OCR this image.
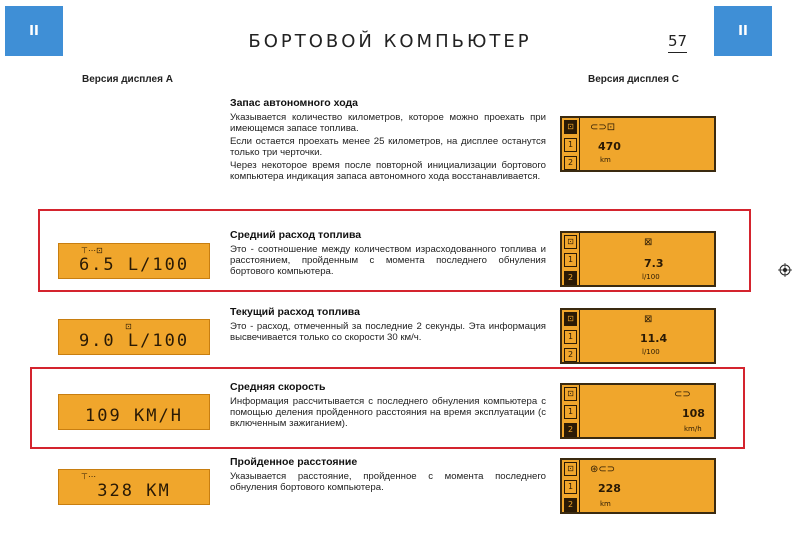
II	БОРТОВОЙ КОМПЬЮТЕР	57
II
Версия дисплея A	Версия дисплея C
Запас автономного хода

Указывается количество километров, которое можно проехать при имеющемся запасе топлива.

Если остается проехать менее 25 километров, на дисплее останутся только три черточки.

Через некоторое время после повторной инициализации бортового компьютера индикация запаса автономного хода восстанавливается.

⊡
1
2
⊂⊃⊡
470
km
Средний расход топлива

Это - соотношение между количеством израсходованного топлива и расстоянием, пройденным с момента последнего обнуления бортового компьютера.

⊤⋯⊡
6.5 L/100
⊡
1
2
⊠
7.3
l/100
Текущий расход топлива

Это - расход, отмеченный за последние 2 секунды. Эта информация высвечивается только со скорости 30 км/ч.

⊡
9.0 L/100
⊡
1
2
⊠
11.4
l/100
Средняя скорость

Информация рассчитывается с последнего обнуления компьютера с помощью деления пройденного расстояния на время эксплуатации (с включенным зажиганием).

109 KM/H
⊡
1
2
⊂⊃
108
km/h
Пройденное расстояние

Указывается расстояние, пройденное с момента последнего обнуления бортового компьютера.

⊤⋯
328 KM
⊡
1
2
⊛⊂⊃
228
km
